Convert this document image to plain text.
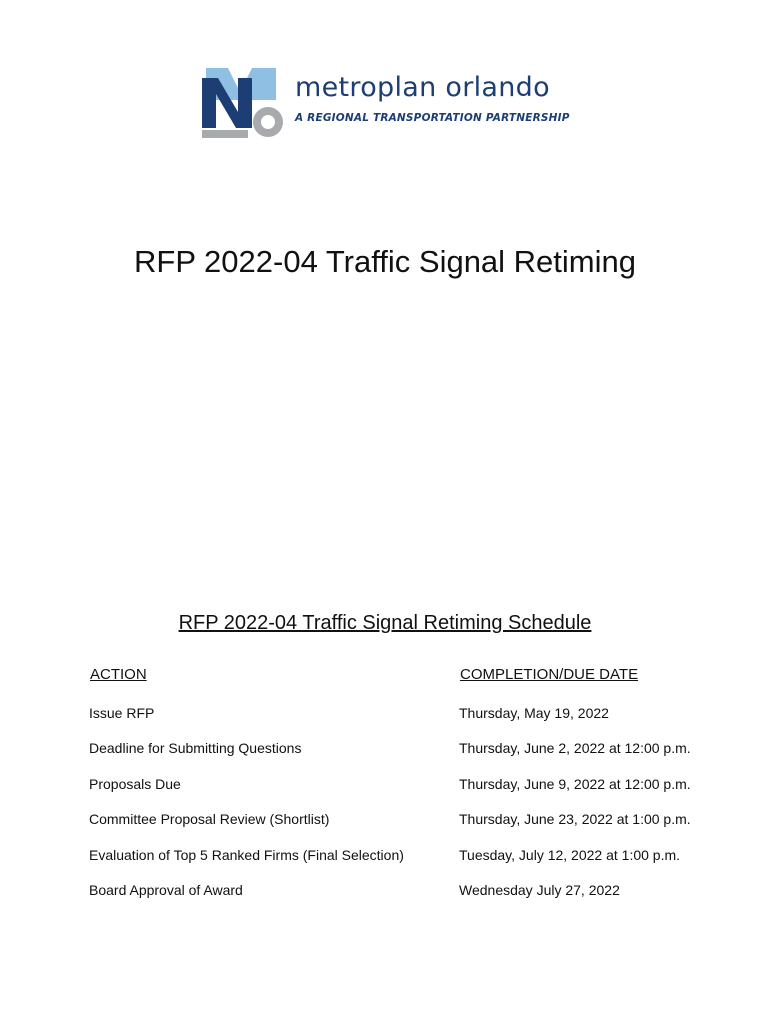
metroplan orlando
A REGIONAL TRANSPORTATION PARTNERSHIP
RFP 2022-04 Traffic Signal Retiming
RFP 2022-04 Traffic Signal Retiming Schedule
ACTION	COMPLETION/DUE DATE
Issue RFP	Thursday, May 19, 2022
Deadline for Submitting Questions	Thursday, June 2, 2022 at 12:00 p.m.
Proposals Due	Thursday, June 9, 2022 at 12:00 p.m.
Committee Proposal Review (Shortlist)	Thursday, June 23, 2022 at 1:00 p.m.
Evaluation of Top 5 Ranked Firms (Final Selection)	Tuesday, July 12, 2022 at 1:00 p.m.
Board Approval of Award	Wednesday July 27, 2022
